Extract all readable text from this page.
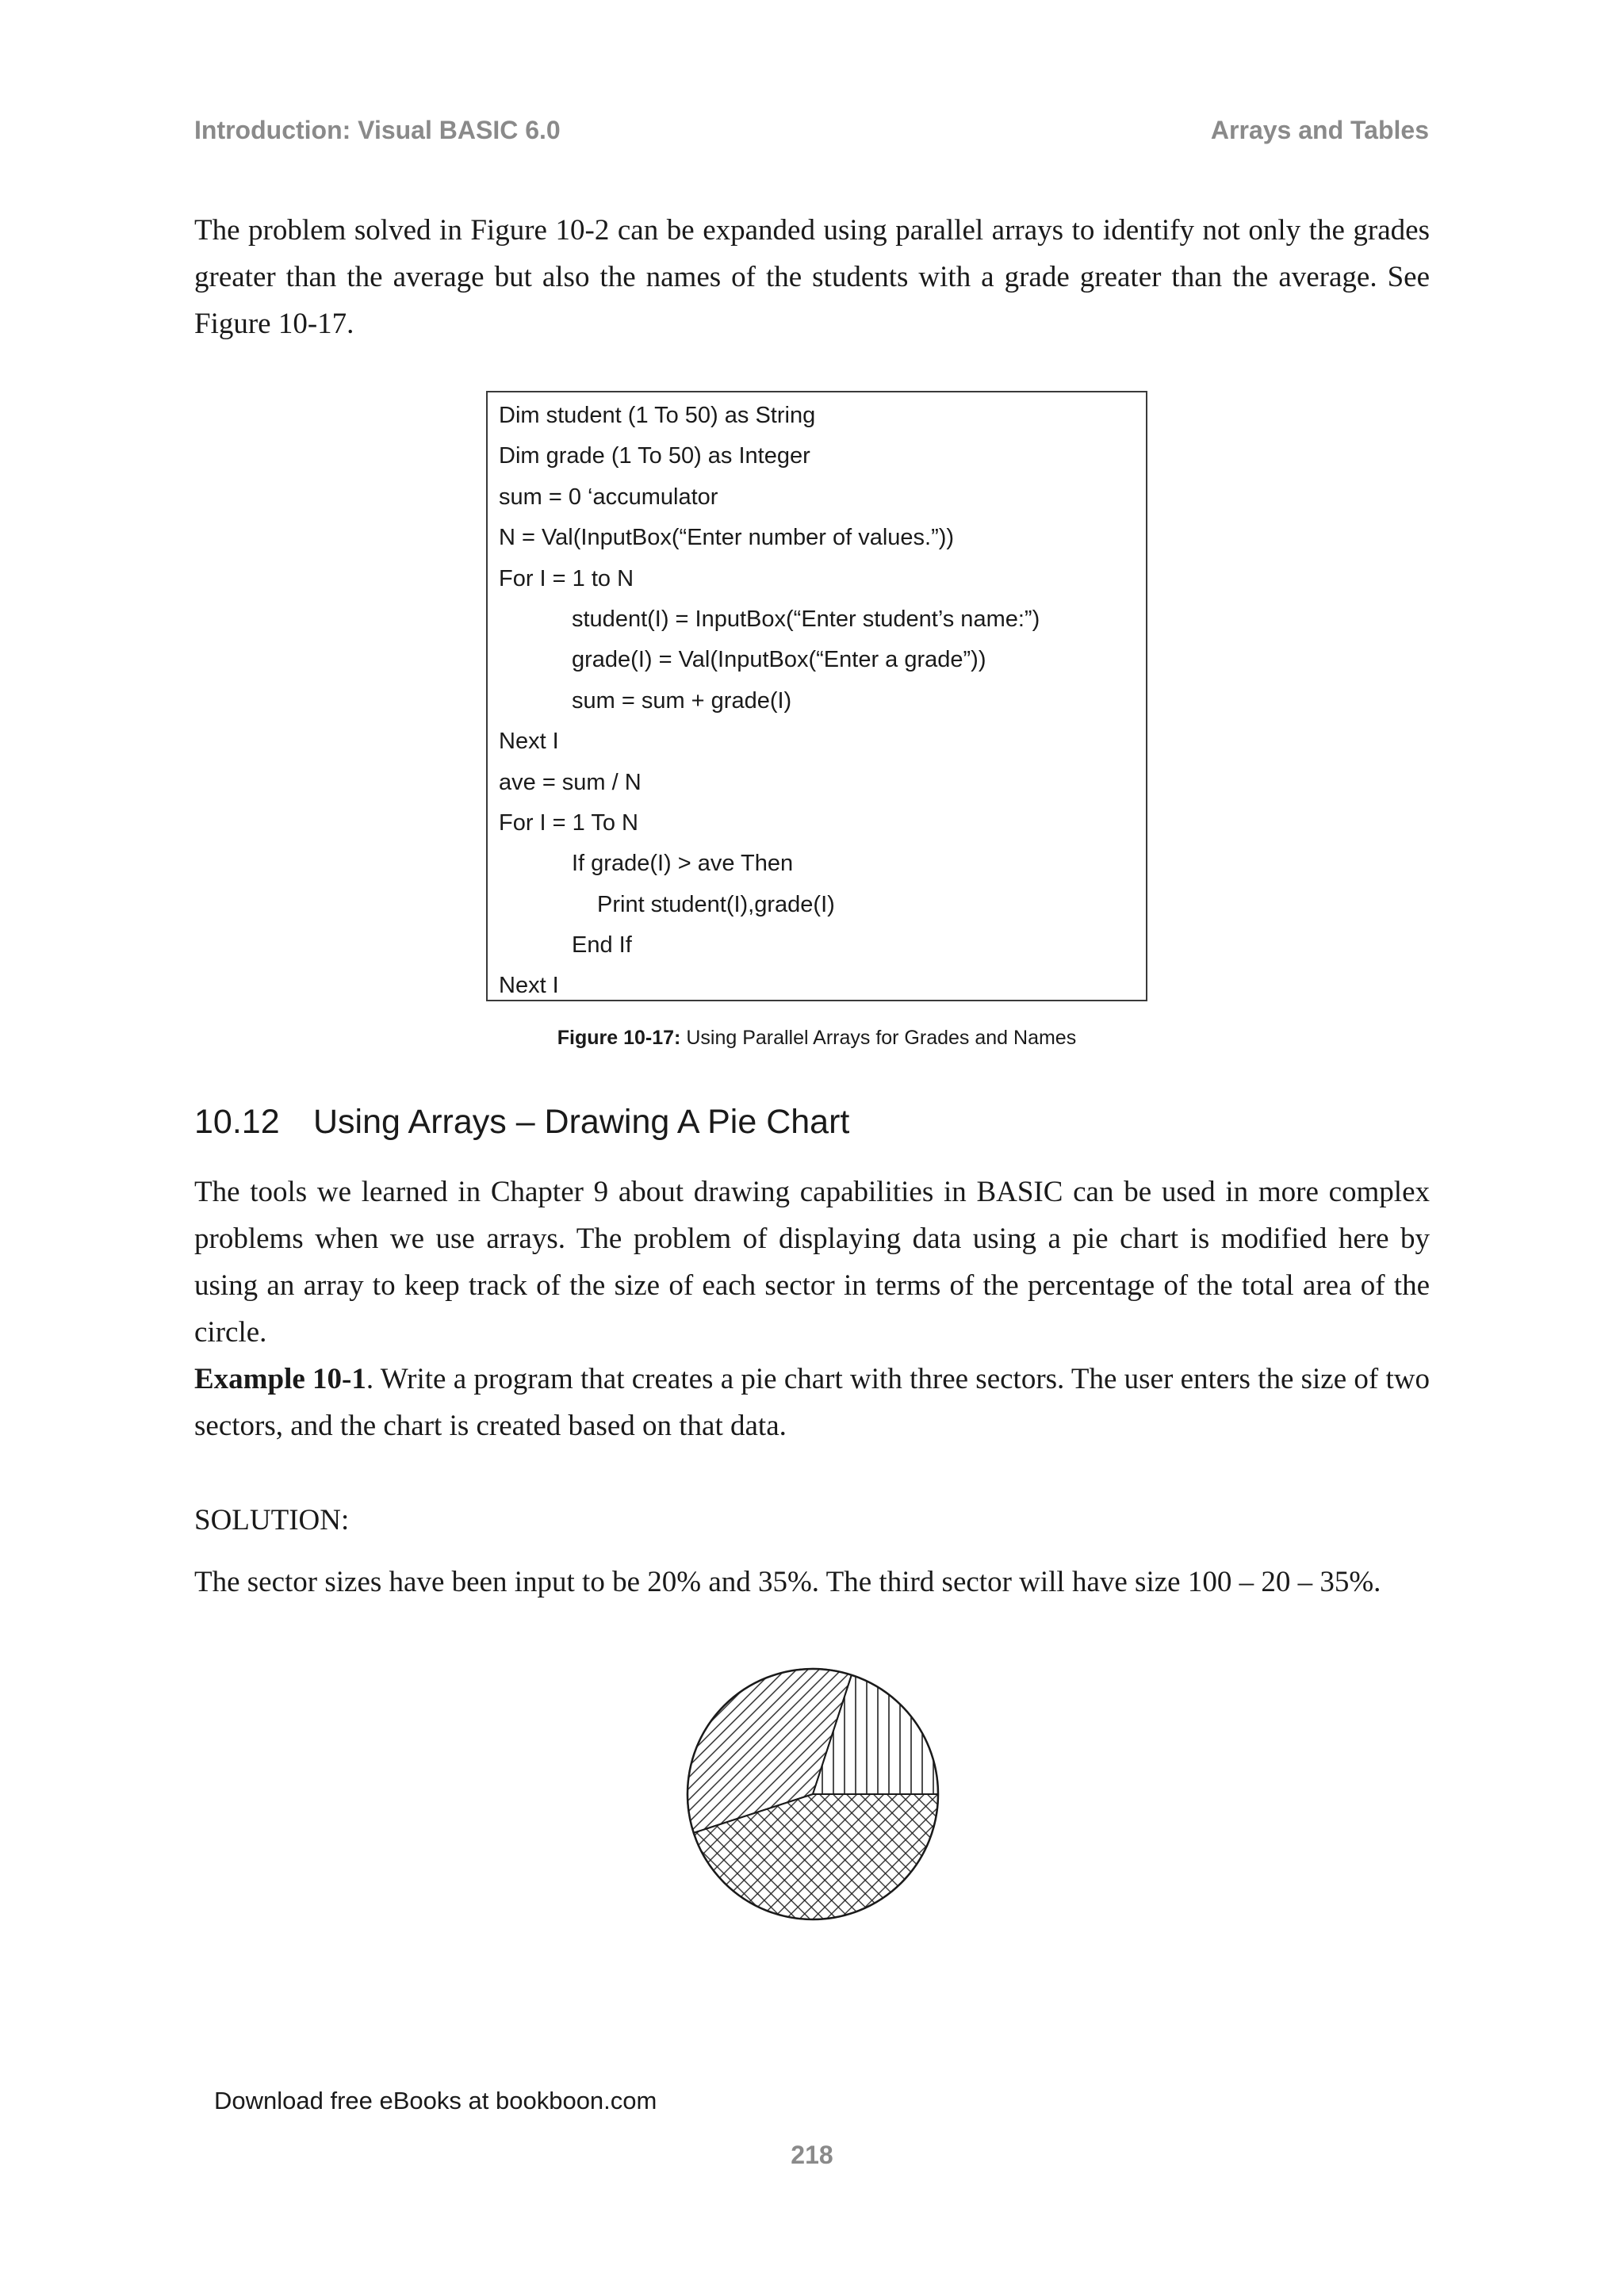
Introduction: Visual BASIC 6.0	Arrays and Tables

The problem solved in Figure 10-2 can be expanded using parallel arrays to identify not only the grades greater than the average but also the names of the students with a grade greater than the average. See Figure 10-17.

Dim student (1 To 50) as String
Dim grade (1 To 50) as Integer
sum = 0 ‘accumulator
N = Val(InputBox(“Enter number of values.”))
For I = 1 to N
student(I) = InputBox(“Enter student’s name:”)
grade(I) = Val(InputBox(“Enter a grade”))
sum = sum + grade(I)
Next I
ave = sum / N
For I = 1 To N
If grade(I) > ave Then
Print student(I),grade(I)
End If
Next I
Figure 10-17: Using Parallel Arrays for Grades and Names
10.12 Using Arrays – Drawing A Pie Chart

The tools we learned in Chapter 9 about drawing capabilities in BASIC can be used in more complex problems when we use arrays. The problem of displaying data using a pie chart is modified here by using an array to keep track of the size of each sector in terms of the percentage of the total area of the circle.

Example 10-1. Write a program that creates a pie chart with three sectors. The user enters the size of two sectors, and the chart is created based on that data.

SOLUTION:

The sector sizes have been input to be 20% and 35%. The third sector will have size 100 – 20 – 35%.

Download free eBooks at bookboon.com
218
